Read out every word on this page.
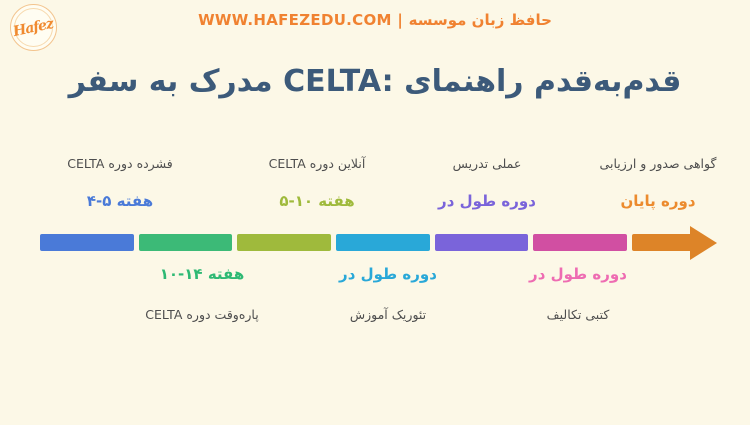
Hafez	WWW.HAFEZEDU.COM | موسسه زبان حافظ
سفر به مدرک CELTA: راهنمای قدم‌به‌قدم
CELTA دوره فشرده
۴-۵ هفته
CELTA دوره آنلاین
۵-۱۰ هفته
تدریس عملی
در طول دوره
ارزیابی و صدور گواهی
پایان دوره
۱۰-۱۴ هفته
CELTA دوره پاره‌وقت
در طول دوره
آموزش تئوریک
در طول دوره
تکالیف کتبی
